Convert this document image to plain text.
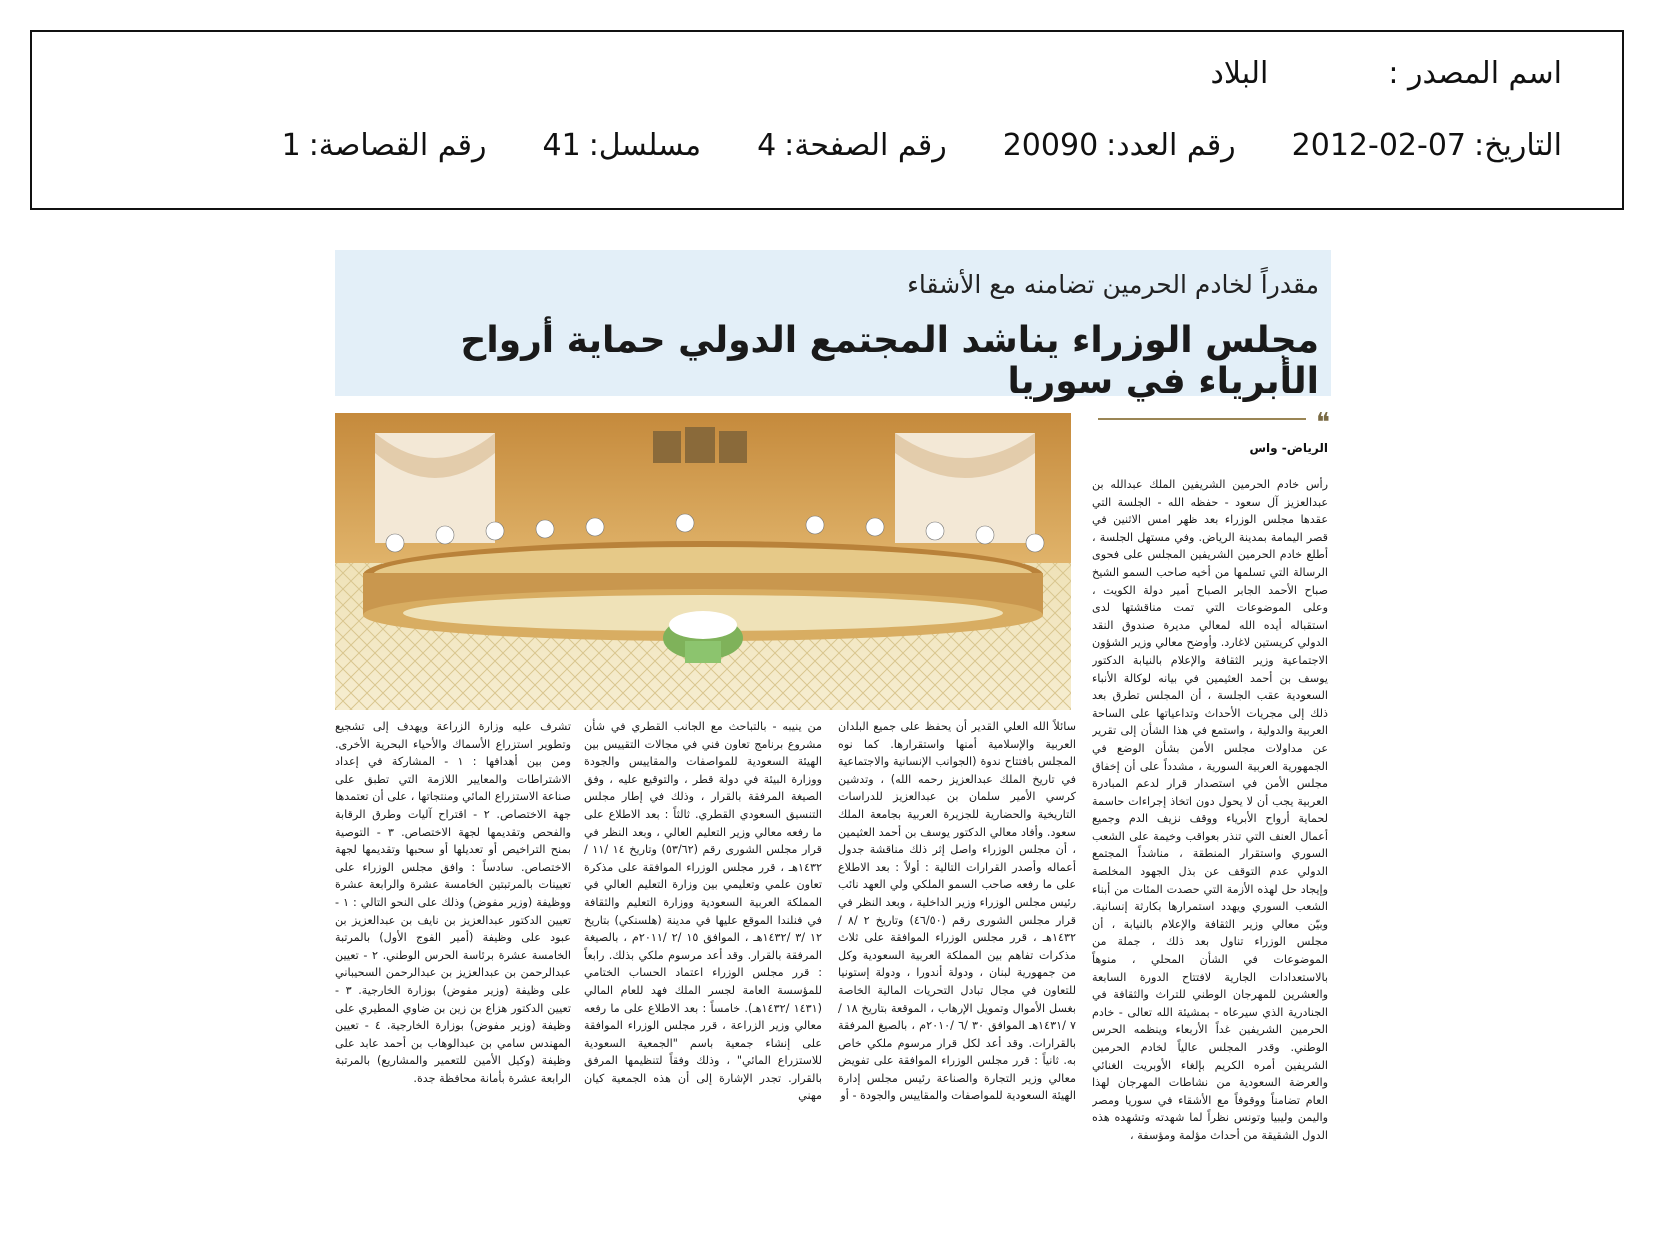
اسم المصدر :
البلاد
التاريخ:
2012-02-07
رقم العدد:
20090
رقم الصفحة:
4
مسلسل:
41
رقم القصاصة:
1
مقدراً لخادم الحرمين تضامنه مع الأشقاء
مجلس الوزراء يناشد المجتمع الدولي حماية أرواح الأبرياء في سوريا
❝
الرياض- واس

رأس خادم الحرمين الشريفين الملك عبدالله بن عبدالعزيز آل سعود - حفظه الله - الجلسة التي عقدها مجلس الوزراء بعد ظهر امس الاثنين في قصر اليمامة بمدينة الرياض. وفي مستهل الجلسة ، أطلع خادم الحرمين الشريفين المجلس على فحوى الرسالة التي تسلمها من أخيه صاحب السمو الشيخ صباح الأحمد الجابر الصباح أمير دولة الكويت ، وعلى الموضوعات التي تمت مناقشتها لدى استقباله أيده الله لمعالي مديرة صندوق النقد الدولي كريستين لاغارد. وأوضح معالي وزير الشؤون الاجتماعية وزير الثقافة والإعلام بالنيابة الدكتور يوسف بن أحمد العثيمين في بيانه لوكالة الأنباء السعودية عقب الجلسة ، أن المجلس تطرق بعد ذلك إلى مجريات الأحداث وتداعياتها على الساحة العربية والدولية ، واستمع في هذا الشأن إلى تقرير عن مداولات مجلس الأمن بشأن الوضع في الجمهورية العربية السورية ، مشدداً على أن إخفاق مجلس الأمن في استصدار قرار لدعم المبادرة العربية يجب أن لا يحول دون اتخاذ إجراءات حاسمة لحماية أرواح الأبرياء ووقف نزيف الدم وجميع أعمال العنف التي تنذر بعواقب وخيمة على الشعب السوري واستقرار المنطقة ، مناشداً المجتمع الدولي عدم التوقف عن بذل الجهود المخلصة وإيجاد حل لهذه الأزمة التي حصدت المئات من أبناء الشعب السوري ويهدد استمرارها بكارثة إنسانية. وبيّن معالي وزير الثقافة والإعلام بالنيابة ، أن مجلس الوزراء تناول بعد ذلك ، جملة من الموضوعات في الشأن المحلي ، منوهاً بالاستعدادات الجارية لافتتاح الدورة السابعة والعشرين للمهرجان الوطني للتراث والثقافة في الجنادرية الذي سيرعاه - بمشيئة الله تعالى - خادم الحرمين الشريفين غداً الأربعاء وينظمه الحرس الوطني. وقدر المجلس عالياً لخادم الحرمين الشريفين أمره الكريم بإلغاء الأوبريت الغنائي والعرضة السعودية من نشاطات المهرجان لهذا العام تضامناً ووقوفاً مع الأشقاء في سوريا ومصر واليمن وليبيا وتونس نظراً لما شهدته وتشهده هذه الدول الشقيقة من أحداث مؤلمة ومؤسفة ،

سائلاً الله العلي القدير أن يحفظ على جميع البلدان العربية والإسلامية أمنها واستقرارها. كما نوه المجلس بافتتاح ندوة (الجوانب الإنسانية والاجتماعية في تاريخ الملك عبدالعزيز رحمه الله) ، وتدشين كرسي الأمير سلمان بن عبدالعزيز للدراسات التاريخية والحضارية للجزيرة العربية بجامعة الملك سعود. وأفاد معالي الدكتور يوسف بن أحمد العثيمين ، أن مجلس الوزراء واصل إثر ذلك مناقشة جدول أعماله وأصدر القرارات التالية : أولاً : بعد الاطلاع على ما رفعه صاحب السمو الملكي ولي العهد نائب رئيس مجلس الوزراء وزير الداخلية ، وبعد النظر في قرار مجلس الشورى رقم (٤٦/٥٠) وتاريخ ٢ /٨ /١٤٣٢هـ ، قرر مجلس الوزراء الموافقة على ثلاث مذكرات تفاهم بين المملكة العربية السعودية وكل من جمهورية لبنان ، ودولة أندورا ، ودولة إستونيا للتعاون في مجال تبادل التحريات المالية الخاصة بغسل الأموال وتمويل الإرهاب ، الموقعة بتاريخ ١٨ /٧ /١٤٣١هـ الموافق ٣٠ /٦ /٢٠١٠م ، بالصيغ المرفقة بالقرارات. وقد أعد لكل قرار مرسوم ملكي خاص به. ثانياً : قرر مجلس الوزراء الموافقة على تفويض معالي وزير التجارة والصناعة رئيس مجلس إدارة الهيئة السعودية للمواصفات والمقاييس والجودة - أو

من ينيبه - بالتباحث مع الجانب القطري في شأن مشروع برنامج تعاون فني في مجالات التقييس بين الهيئة السعودية للمواصفات والمقاييس والجودة ووزارة البيئة في دولة قطر ، والتوقيع عليه ، وفق الصيغة المرفقة بالقرار ، وذلك في إطار مجلس التنسيق السعودي القطري. ثالثاً : بعد الاطلاع على ما رفعه معالي وزير التعليم العالي ، وبعد النظر في قرار مجلس الشورى رقم (٥٣/٦٢) وتاريخ ١٤ /١١ /١٤٣٢هـ ، قرر مجلس الوزراء الموافقة على مذكرة تعاون علمي وتعليمي بين وزارة التعليم العالي في المملكة العربية السعودية ووزارة التعليم والثقافة في فنلندا الموقع عليها في مدينة (هلسنكي) بتاريخ ١٢ /٣ /١٤٣٢هـ ، الموافق ١٥ /٢ /٢٠١١م ، بالصيغة المرفقة بالقرار. وقد أعد مرسوم ملكي بذلك. رابعاً : قرر مجلس الوزراء اعتماد الحساب الختامي للمؤسسة العامة لجسر الملك فهد للعام المالي (١٤٣١ /١٤٣٢هـ). خامساً : بعد الاطلاع على ما رفعه معالي وزير الزراعة ، قرر مجلس الوزراء الموافقة على إنشاء جمعية باسم "الجمعية السعودية للاستزراع المائي" ، وذلك وفقاً لتنظيمها المرفق بالقرار. تجدر الإشارة إلى أن هذه الجمعية كيان مهني

تشرف عليه وزارة الزراعة ويهدف إلى تشجيع وتطوير استزراع الأسماك والأحياء البحرية الأخرى. ومن بين أهدافها : ١ - المشاركة في إعداد الاشتراطات والمعايير اللازمة التي تطبق على صناعة الاستزراع المائي ومنتجاتها ، على أن تعتمدها جهة الاختصاص. ٢ - اقتراح آليات وطرق الرقابة والفحص وتقديمها لجهة الاختصاص. ٣ - التوصية بمنح التراخيص أو تعديلها أو سحبها وتقديمها لجهة الاختصاص. سادساً : وافق مجلس الوزراء على تعيينات بالمرتبتين الخامسة عشرة والرابعة عشرة ووظيفة (وزير مفوض) وذلك على النحو التالي : ١ - تعيين الدكتور عبدالعزيز بن نايف بن عبدالعزيز بن عبود على وظيفة (أمير الفوج الأول) بالمرتبة الخامسة عشرة برئاسة الحرس الوطني. ٢ - تعيين عبدالرحمن بن عبدالعزيز بن عبدالرحمن السحيباني على وظيفة (وزير مفوض) بوزارة الخارجية. ٣ - تعيين الدكتور هزاع بن زين بن ضاوي المطيري على وظيفة (وزير مفوض) بوزارة الخارجية. ٤ - تعيين المهندس سامي بن عبدالوهاب بن أحمد عابد على وظيفة (وكيل الأمين للتعمير والمشاريع) بالمرتبة الرابعة عشرة بأمانة محافظة جدة.
